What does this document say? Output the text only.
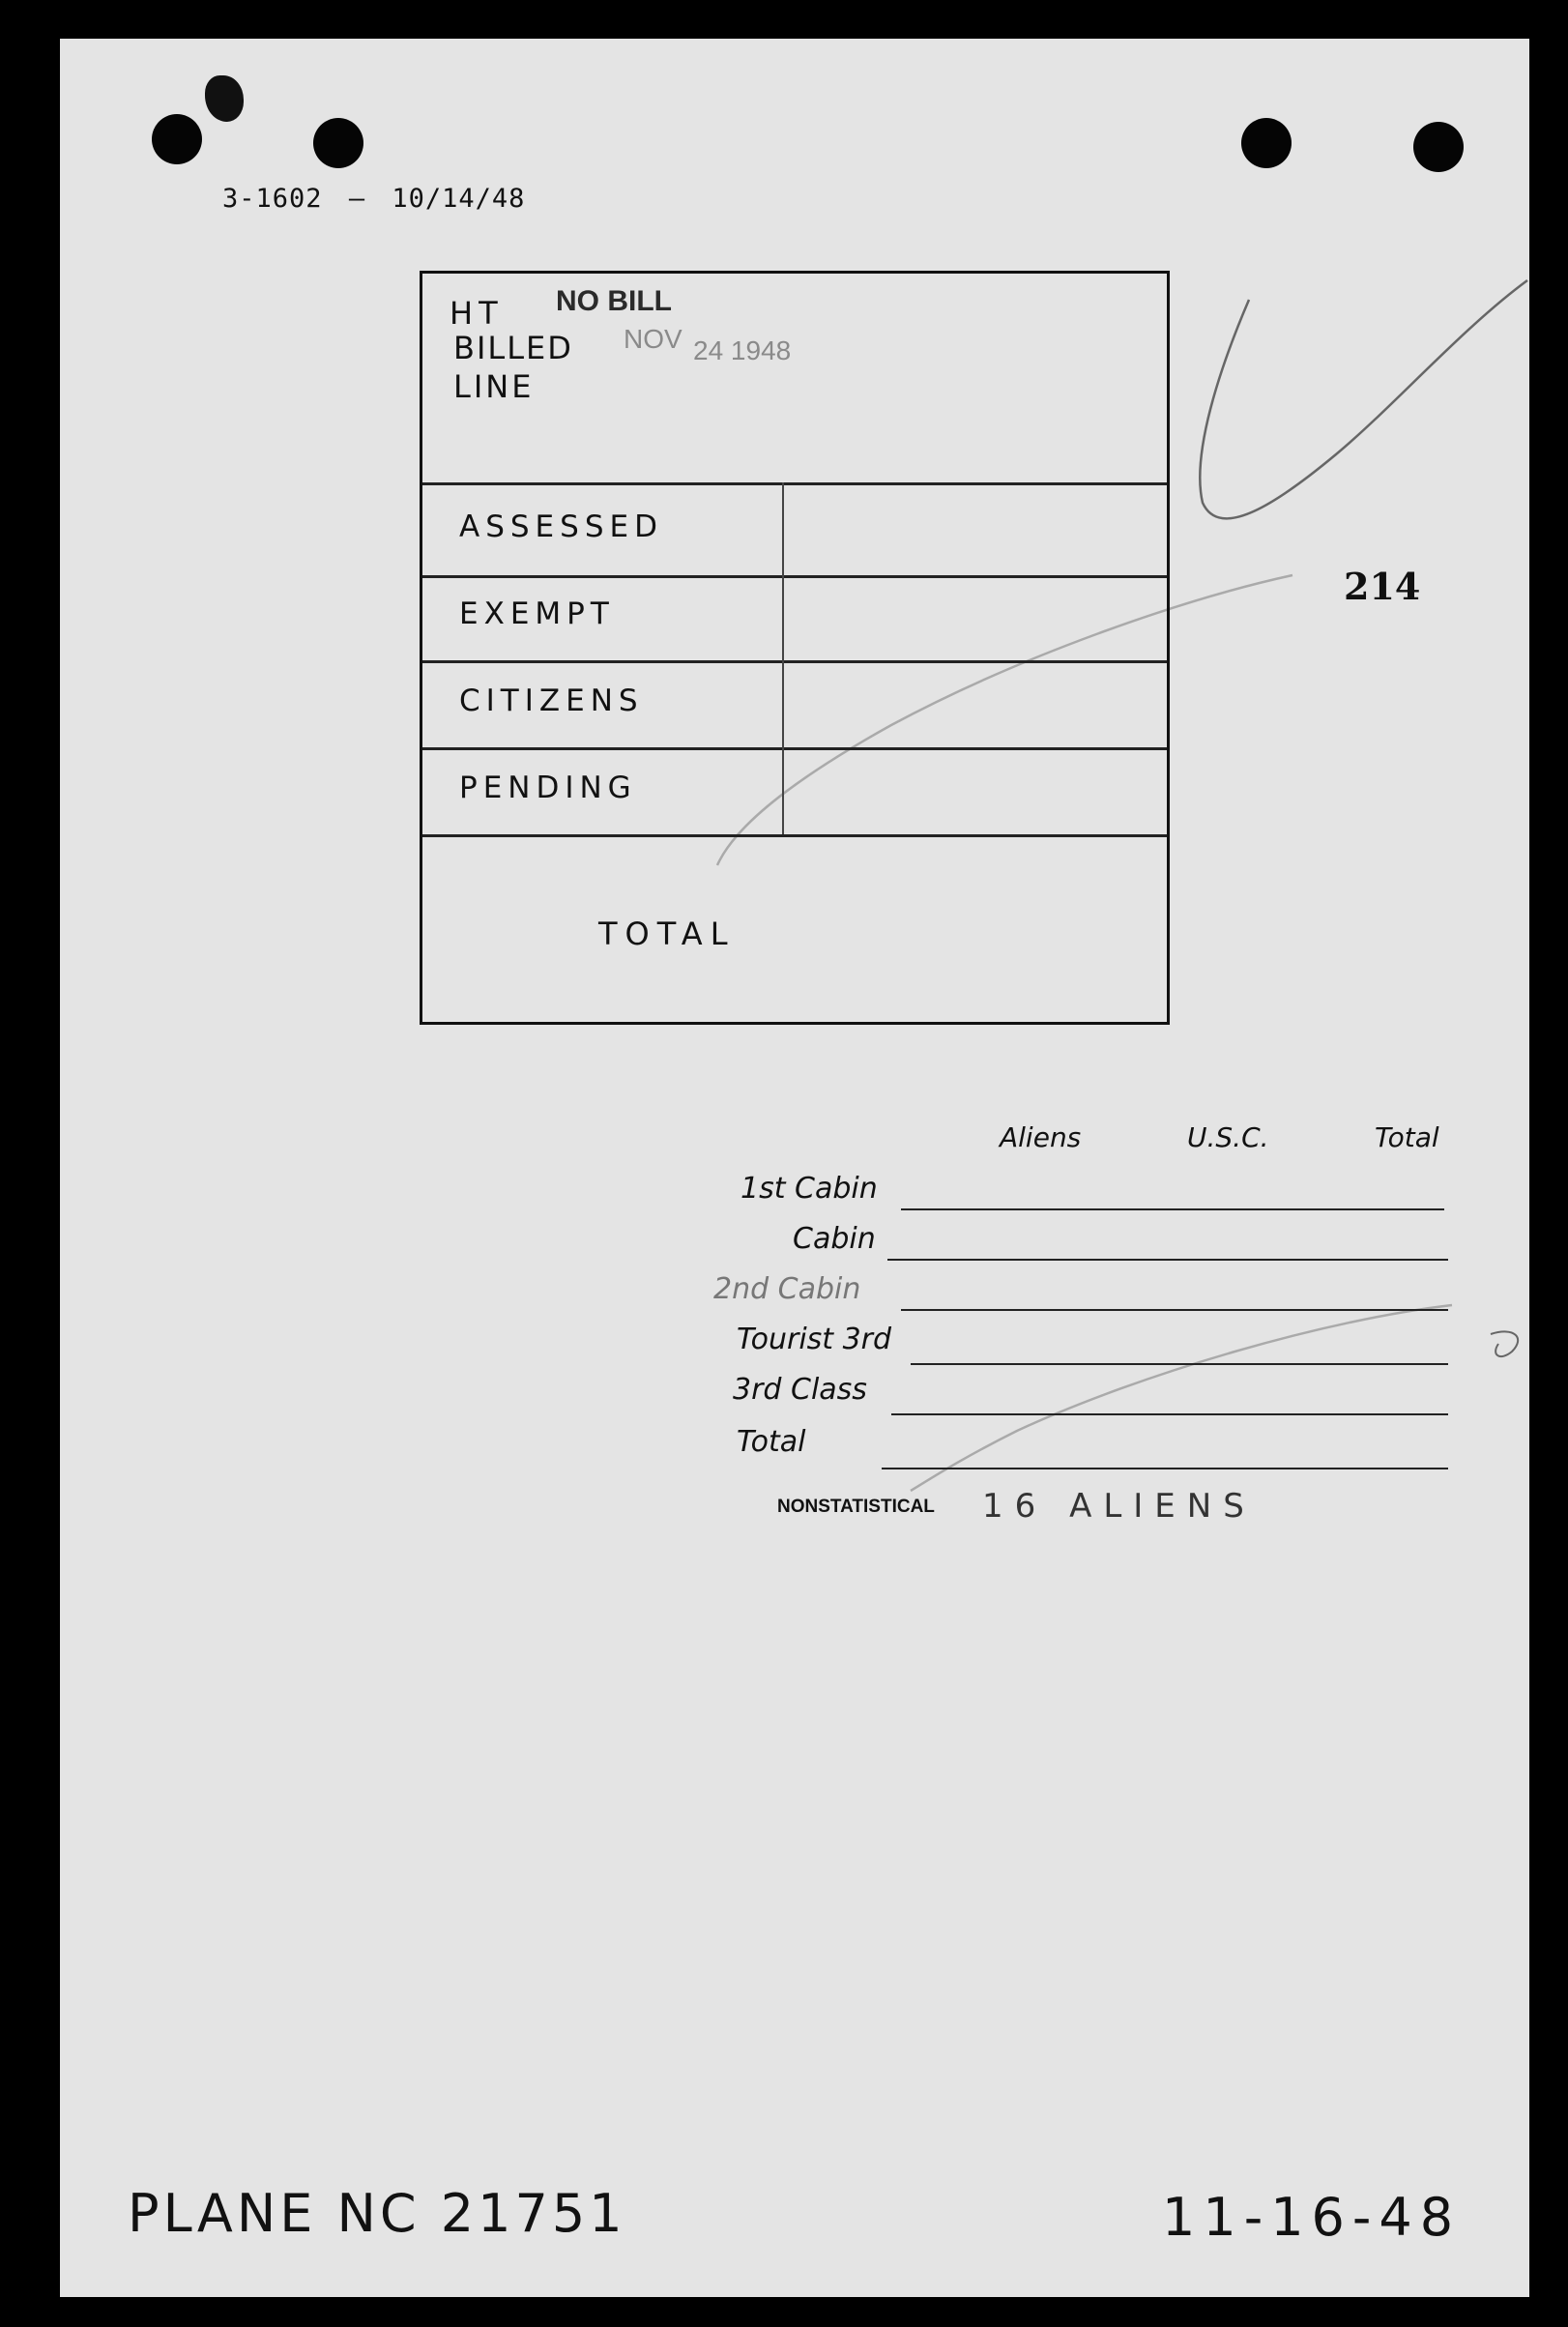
3-1602 — 10/14/48
214
HT NO BILL
BILLED NOV 24 1948
LINE
ASSESSED
EXEMPT
CITIZENS
PENDING
TOTAL
Aliens	U.S.C.	Total
1st Cabin
Cabin
2nd Cabin
Tourist 3rd
3rd Class
Total
NONSTATISTICAL 16 ALIENS
PLANE NC 21751	11-16-48
